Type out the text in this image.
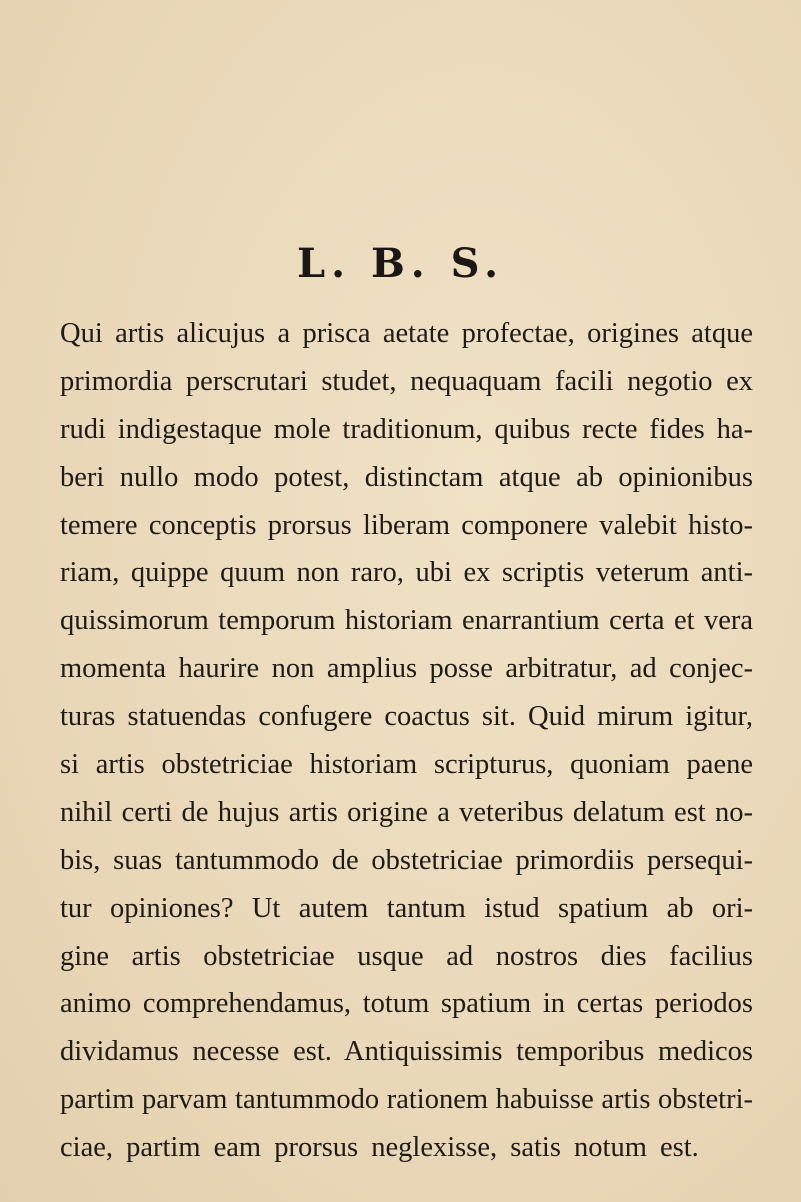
L. B. S.
Qui artis alicujus a prisca aetate profectae, origines atque
primordia perscrutari studet, nequaquam facili negotio ex
rudi indigestaque mole traditionum, quibus recte fides ha-
beri nullo modo potest, distinctam atque ab opinionibus
temere conceptis prorsus liberam componere valebit histo-
riam, quippe quum non raro, ubi ex scriptis veterum anti-
quissimorum temporum historiam enarrantium certa et vera
momenta haurire non amplius posse arbitratur, ad conjec-
turas statuendas confugere coactus sit. Quid mirum igitur,
si artis obstetriciae historiam scripturus, quoniam paene
nihil certi de hujus artis origine a veteribus delatum est no-
bis, suas tantummodo de obstetriciae primordiis persequi-
tur opiniones? Ut autem tantum istud spatium ab ori-
gine artis obstetriciae usque ad nostros dies facilius
animo comprehendamus, totum spatium in certas periodos
dividamus necesse est. Antiquissimis temporibus medicos
partim parvam tantummodo rationem habuisse artis obstetri-
ciae, partim eam prorsus neglexisse, satis notum est.
